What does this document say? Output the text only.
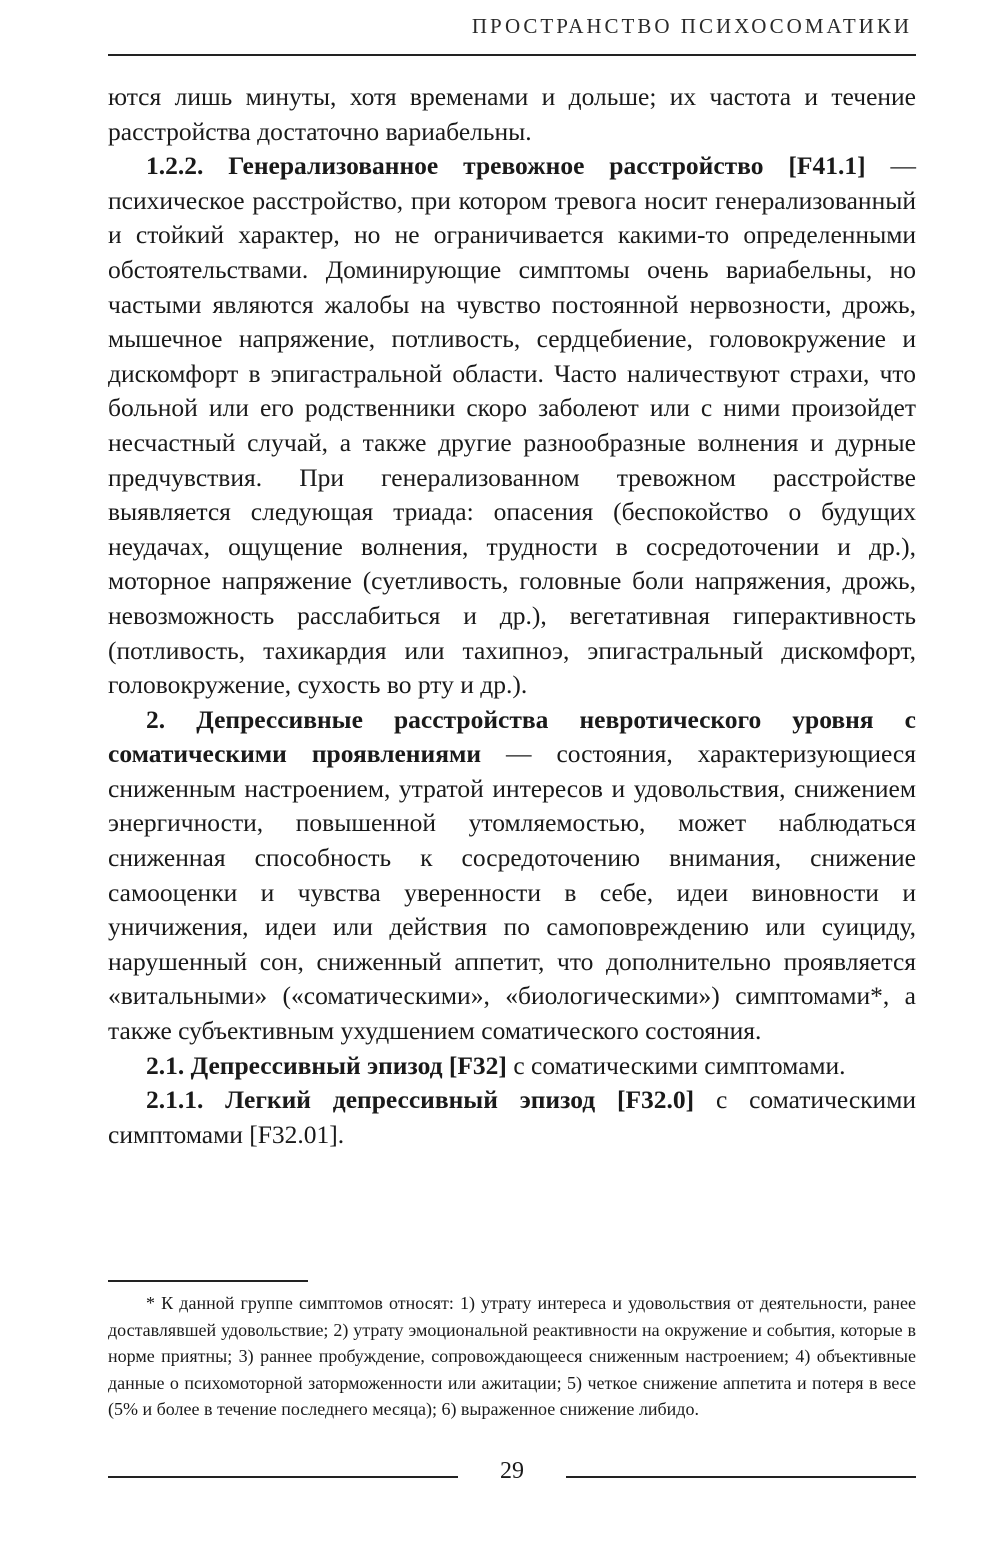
ПРОСТРАНСТВО ПСИХОСОМАТИКИ

ются лишь минуты, хотя временами и дольше; их частота и течение расстройства достаточно вариабельны.

1.2.2. Генерализованное тревожное расстройство [F41.1] — психическое расстройство, при котором тревога носит генерализованный и стойкий характер, но не ограничивается какими-то определенными обстоятельствами. Доминирующие симптомы очень вариабельны, но частыми являются жалобы на чувство постоянной нервозности, дрожь, мышечное напряжение, потливость, сердцебиение, головокружение и дискомфорт в эпигастральной области. Часто наличествуют страхи, что больной или его родственники скоро заболеют или с ними произойдет несчастный случай, а также другие разнообразные волнения и дурные предчувствия. При генерализованном тревожном расстройстве выявляется следующая триада: опасения (беспокойство о будущих неудачах, ощущение волнения, трудности в сосредоточении и др.), моторное напряжение (суетливость, головные боли напряжения, дрожь, невозможность расслабиться и др.), вегетативная гиперактивность (потливость, тахикардия или тахипноэ, эпигастральный дискомфорт, головокружение, сухость во рту и др.).

2. Депрессивные расстройства невротического уровня с соматическими проявлениями — состояния, характеризующиеся сниженным настроением, утратой интересов и удовольствия, снижением энергичности, повышенной утомляемостью, может наблюдаться сниженная способность к сосредоточению внимания, снижение самооценки и чувства уверенности в себе, идеи виновности и уничижения, идеи или действия по самоповреждению или суициду, нарушенный сон, сниженный аппетит, что дополнительно проявляется «витальными» («соматическими», «биологическими») симптомами*, а также субъективным ухудшением соматического состояния.

2.1. Депрессивный эпизод [F32] с соматическими симптомами.

2.1.1. Легкий депрессивный эпизод [F32.0] с соматическими симптомами [F32.01].

* К данной группе симптомов относят: 1) утрату интереса и удовольствия от деятельности, ранее доставлявшей удовольствие; 2) утрату эмоциональной реактивности на окружение и события, которые в норме приятны; 3) раннее пробуждение, сопровождающееся сниженным настроением; 4) объективные данные о психомоторной заторможенности или ажитации; 5) четкое снижение аппетита и потеря в весе (5% и более в течение последнего месяца); 6) выраженное снижение либидо.

29
